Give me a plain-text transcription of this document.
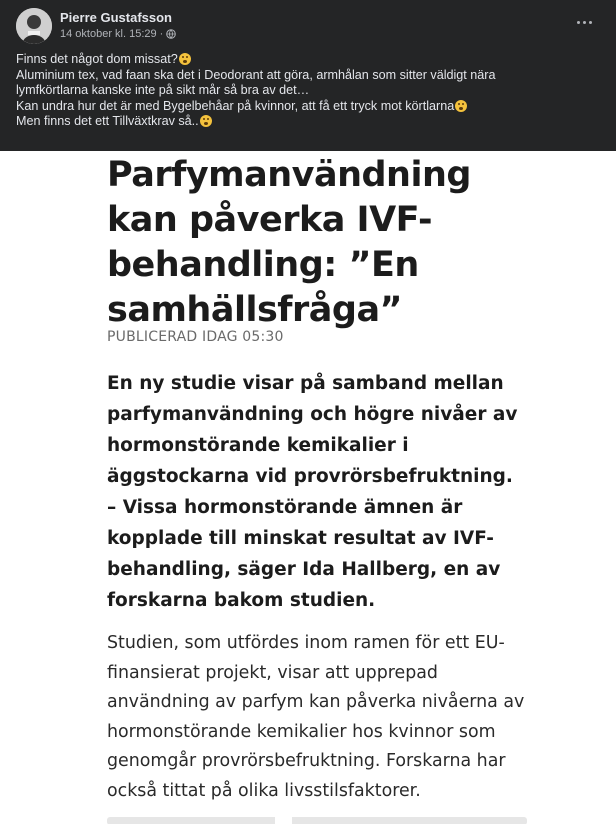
Pierre Gustafsson
14 oktober kl. 15:29 ·
Finns det något dom missat?
Aluminium tex, vad faan ska det i Deodorant att göra, armhålan som sitter väldigt nära
lymfkörtlarna kanske inte på sikt mår så bra av det…
Kan undra hur det är med Bygelbehåar på kvinnor, att få ett tryck mot körtlarna
Men finns det ett Tillväxtkrav så..
Parfymanvändning
kan påverka IVF-
behandling: ”En
samhällsfråga”
PUBLICERAD IDAG 05:30
En ny studie visar på samband mellan
parfymanvändning och högre nivåer av
hormonstörande kemikalier i
äggstockarna vid provrörsbefruktning.
– Vissa hormonstörande ämnen är
kopplade till minskat resultat av IVF-
behandling, säger Ida Hallberg, en av
forskarna bakom studien.
Studien, som utfördes inom ramen för ett EU-
finansierat projekt, visar att upprepad
användning av parfym kan påverka nivåerna av
hormonstörande kemikalier hos kvinnor som
genomgår provrörsbefruktning. Forskarna har
också tittat på olika livsstilsfaktorer.
